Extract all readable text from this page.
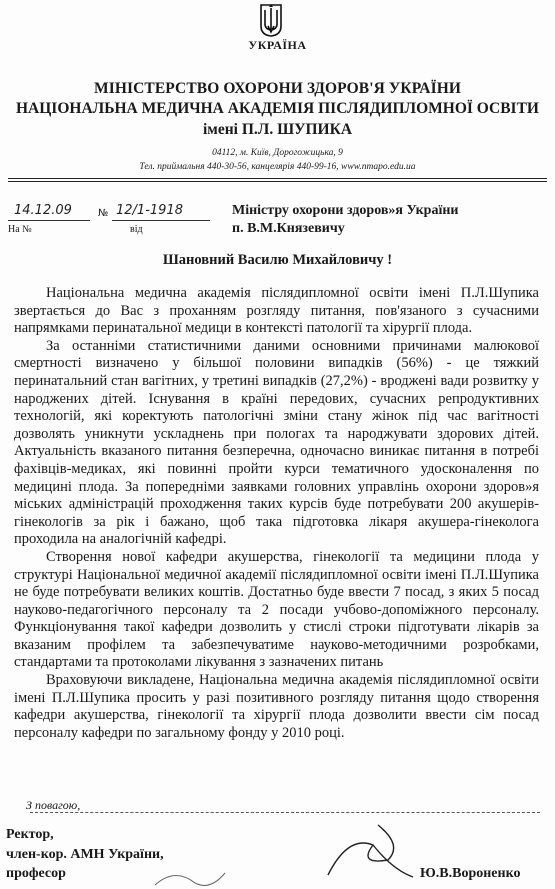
УКРАЇНА
МІНІСТЕРСТВО ОХОРОНИ ЗДОРОВ'Я УКРАЇНИ
НАЦІОНАЛЬНА МЕДИЧНА АКАДЕМІЯ ПІСЛЯДИПЛОМНОЇ ОСВІТИ
імені П.Л. ШУПИКА
04112, м. Київ, Дорогожицька, 9
Тел. приймальня 440-30-56, канцелярія 440-99-16, www.nmapo.edu.ua
14.12.09	№ 12/1-1918
На №	від
Міністру охорони здоров»я України
п. В.М.Князевичу
Шановний Василю Михайловичу !

Національна медична академія післядипломної освіти імені П.Л.Шупика звертається до Вас з проханням розгляду питання, пов'язаного з сучасними напрямками перинатальної медици в контексті патології та хірургії плода.

За останніми статистичними даними основними причинами малюкової смертності визначено у більшої половини випадків (56%) - це тяжкий перинатальний стан вагітних, у третині випадків (27,2%) - вроджені вади розвитку у народжених дітей. Існування в країні передових, сучасних репродуктивних технологій, які коректують патологічні зміни стану жінок під час вагітності дозволять уникнути ускладнень при пологах та народжувати здорових дітей. Актуальність вказаного питання безперечна, одночасно виникає питання в потребі фахівців-медиках, які повинні пройти курси тематичного удосконалення по медицині плода. За попередніми заявками головних управлінь охорони здоров»я міських адміністрацій проходження таких курсів буде потребувати 200 акушерів-гінекологів за рік і бажано, щоб така підготовка лікаря акушера-гінеколога проходила на аналогічній кафедрі.

Створення нової кафедри акушерства, гінекології та медицини плода у структурі Національної медичної академії післядипломної освіти імені П.Л.Шупика не буде потребувати великих коштів. Достатньо буде ввести 7 посад, з яких 5 посад науково-педагогічного персоналу та 2 посади учбово-допоміжного персоналу. Функціонування такої кафедри дозволить у стислі строки підготувати лікарів за вказаним профілем та забезпечуватиме науково-методичними розробками, стандартами та протоколами лікування з зазначених питань

Враховуючи викладене, Національна медична академія післядипломної освіти імені П.Л.Шупика просить у разі позитивного розгляду питання щодо створення кафедри акушерства, гінекології та хірургії плода дозволити ввести сім посад персоналу кафедри по загальному фонду у 2010 році.

З повагою,
Ректор,
член-кор. АМН України,
професор	Ю.В.Вороненко
